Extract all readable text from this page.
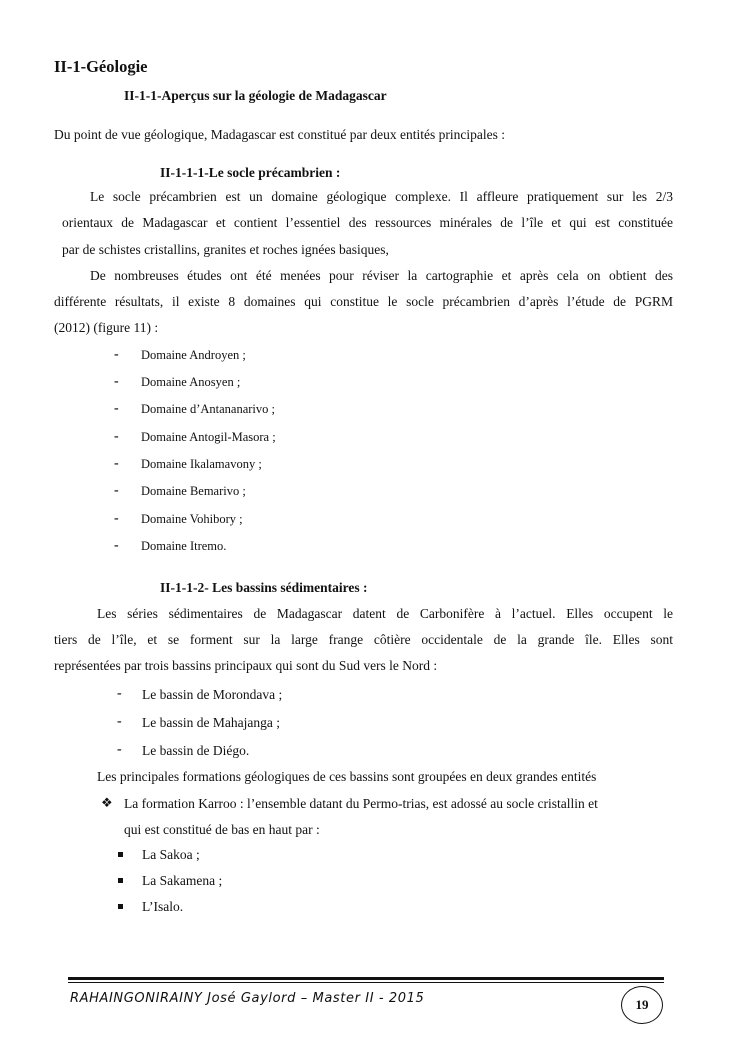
II-1-Géologie
II-1-1-Aperçus sur la géologie de Madagascar
Du point de vue géologique, Madagascar est constitué par deux entités principales :
II-1-1-1-Le socle précambrien :
Le socle précambrien est un domaine géologique complexe. Il affleure pratiquement sur les 2/3
orientaux de Madagascar et contient l’essentiel des ressources minérales de l’île et qui est constituée
par de schistes cristallins, granites et roches ignées basiques,
De nombreuses études ont été menées pour réviser la cartographie et après cela on obtient des
différente résultats, il existe 8 domaines qui constitue le socle précambrien d’après l’étude de PGRM
(2012) (figure 11) :
- Domaine Androyen ;
- Domaine Anosyen ;
- Domaine d’Antananarivo ;
- Domaine Antogil-Masora ;
- Domaine Ikalamavony ;
- Domaine Bemarivo ;
- Domaine Vohibory ;
- Domaine Itremo.
II-1-1-2- Les bassins sédimentaires :
Les séries sédimentaires de Madagascar datent de Carbonifère à l’actuel. Elles occupent le
tiers de l’île, et se forment sur la large frange côtière occidentale de la grande île. Elles sont
représentées par trois bassins principaux qui sont du Sud vers le Nord :
- Le bassin de Morondava ;
- Le bassin de Mahajanga ;
- Le bassin de Diégo.
Les principales formations géologiques de ces bassins sont groupées en deux grandes entités
❖ La formation Karroo : l’ensemble datant du Permo-trias, est adossé au socle cristallin et
qui est constitué de bas en haut par :
La Sakoa ;
La Sakamena ;
L’Isalo.
RAHAINGONIRAINY José Gaylord – Master II - 2015	19
